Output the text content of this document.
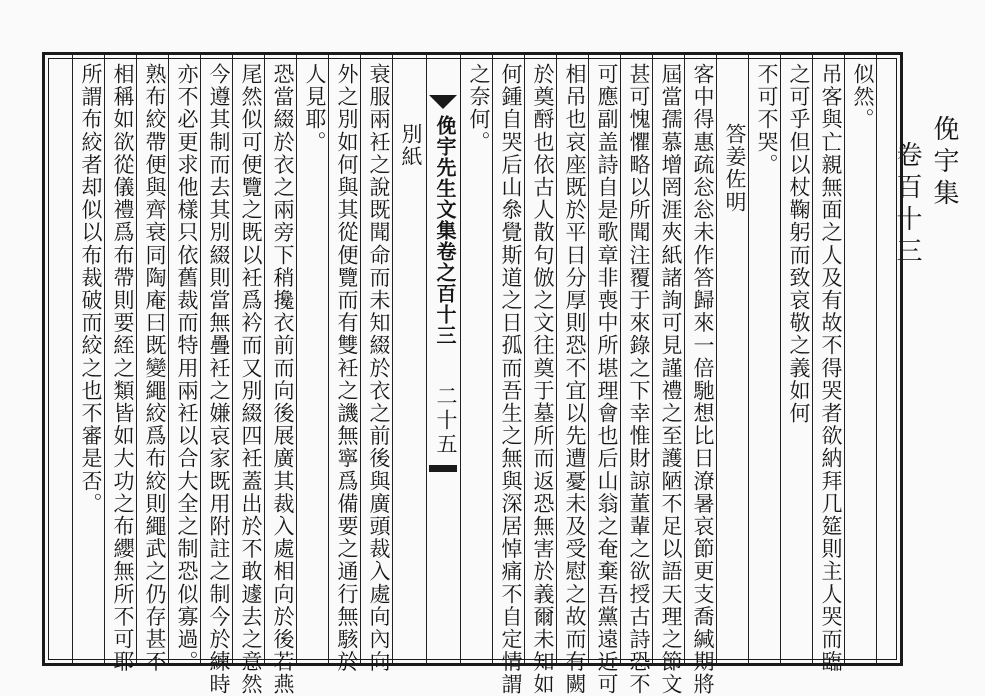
俛宇集
卷百十三
似然。
吊客與亡親無面之人及有故不得哭者欲納拜几筵則主人哭而臨
之可乎但以杖鞠躬而致哀敬之義如何
不可不哭。
答姜佐明
客中得惠疏忩忩未作答歸來一倍馳想比日潦暑哀節更支喬緘期將
屆當孺慕增罔涯夾紙諸詢可見謹禮之至護陋不足以語天理之節文
甚可愧懼略以所聞注覆于來錄之下幸惟財諒董輩之欲授古詩恐不
可應副盖詩自是歌章非喪中所堪理會也后山翁之奄棄吾黨遠近可
相吊也哀座既於平日分厚則恐不宜以先遭憂未及受慰之故而有闕
於奠酹也依古人散句倣之文往奠于墓所而返恐無害於義爾未知如
何鍾自哭后山叅覺斯道之日孤而吾生之無與深居悼痛不自定情謂
之奈何。
俛宇先生文集卷之百十三
二十五
別紙
衰服兩衽之說既聞命而未知綴於衣之前後與廣頭裁入處向內向
外之別如何與其從便覽而有雙衽之譏無寧爲備要之通行無駭於
人見耶。
恐當綴於衣之兩旁下稍攙衣前而向後展廣其裁入處相向於後若燕
尾然似可便覽之既以衽爲衿而又別綴四衽蓋出於不敢遽去之意然
今遵其制而去其別綴則當無疊衽之嫌哀家既用附註之制今於練時
亦不必更求他樣只依舊裁而特用兩衽以合大全之制恐似寡過。
熟布絞帶便與齊衰同陶庵曰既變繩絞爲布絞則繩武之仍存甚不
相稱如欲從儀禮爲布帶則要絰之類皆如大功之布纓無所不可耶
所謂布絞者却似以布裁破而絞之也不審是否。
